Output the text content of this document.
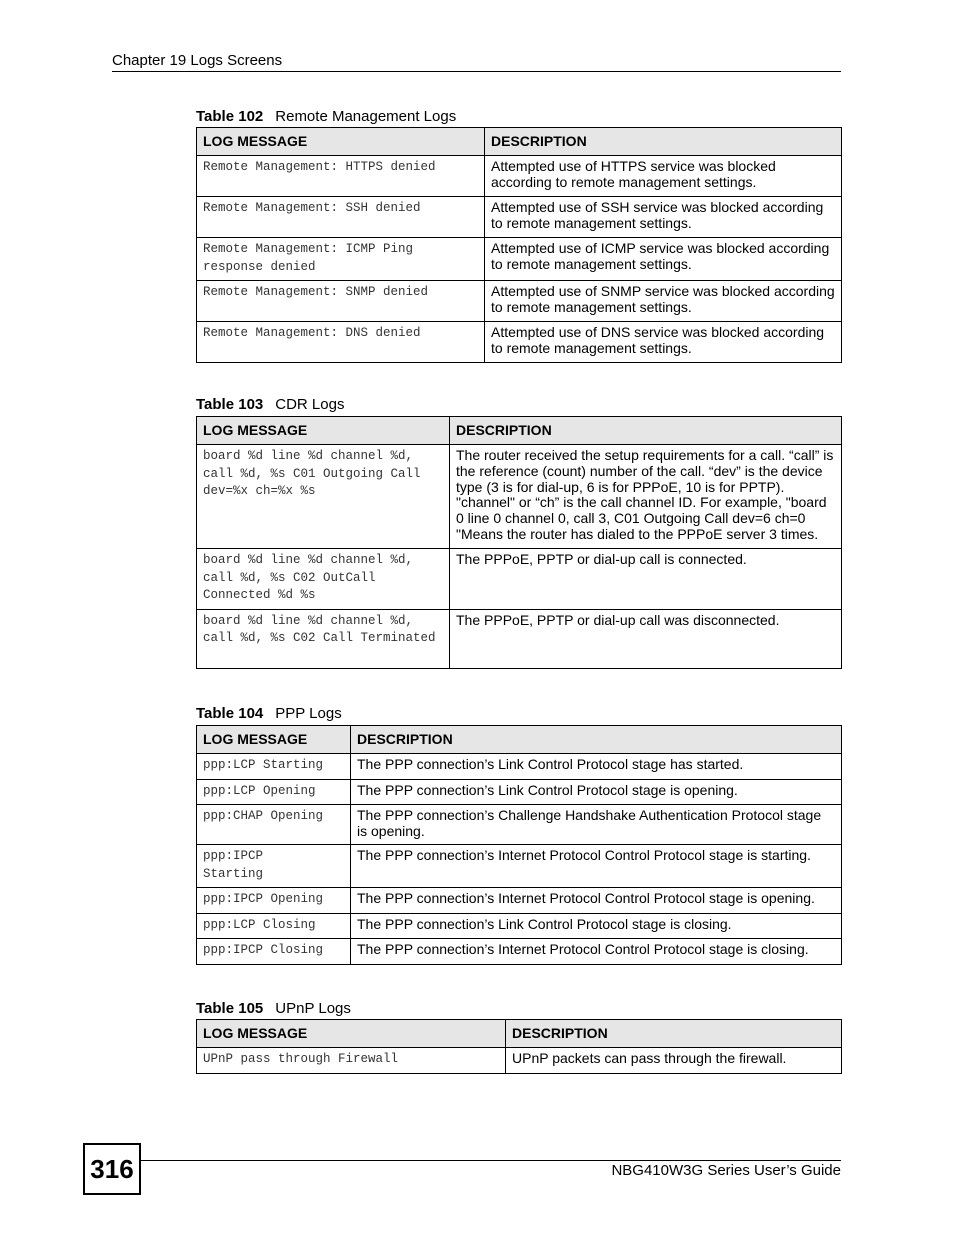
Chapter 19 Logs Screens
Table 102 Remote Management Logs
LOG MESSAGE	DESCRIPTION
Remote Management: HTTPS denied	Attempted use of HTTPS service was blocked according to remote management settings.
Remote Management: SSH denied	Attempted use of SSH service was blocked according to remote management settings.
Remote Management: ICMP Ping response denied	Attempted use of ICMP service was blocked according to remote management settings.
Remote Management: SNMP denied	Attempted use of SNMP service was blocked according to remote management settings.
Remote Management: DNS denied	Attempted use of DNS service was blocked according to remote management settings.
Table 103 CDR Logs
LOG MESSAGE	DESCRIPTION
board %d line %d channel %d, call %d, %s C01 Outgoing Call dev=%x ch=%x %s	The router received the setup requirements for a call. “call” is the reference (count) number of the call. “dev” is the device type (3 is for dial-up, 6 is for PPPoE, 10 is for PPTP). "channel" or “ch” is the call channel ID. For example, "board 0 line 0 channel 0, call 3, C01 Outgoing Call dev=6 ch=0 "Means the router has dialed to the PPPoE server 3 times.
board %d line %d channel %d, call %d, %s C02 OutCall Connected %d %s	The PPPoE, PPTP or dial-up call is connected.
board %d line %d channel %d, call %d, %s C02 Call Terminated	The PPPoE, PPTP or dial-up call was disconnected.
Table 104 PPP Logs
LOG MESSAGE	DESCRIPTION
ppp:LCP Starting	The PPP connection’s Link Control Protocol stage has started.
ppp:LCP Opening	The PPP connection’s Link Control Protocol stage is opening.
ppp:CHAP Opening	The PPP connection’s Challenge Handshake Authentication Protocol stage is opening.

ppp:IPCP Starting	The PPP connection’s Internet Protocol Control Protocol stage is starting.
ppp:IPCP Opening	The PPP connection’s Internet Protocol Control Protocol stage is opening.
ppp:LCP Closing	The PPP connection’s Link Control Protocol stage is closing.
ppp:IPCP Closing	The PPP connection’s Internet Protocol Control Protocol stage is closing.
Table 105 UPnP Logs
LOG MESSAGE	DESCRIPTION
UPnP pass through Firewall	UPnP packets can pass through the firewall.
316	NBG410W3G Series User’s Guide
